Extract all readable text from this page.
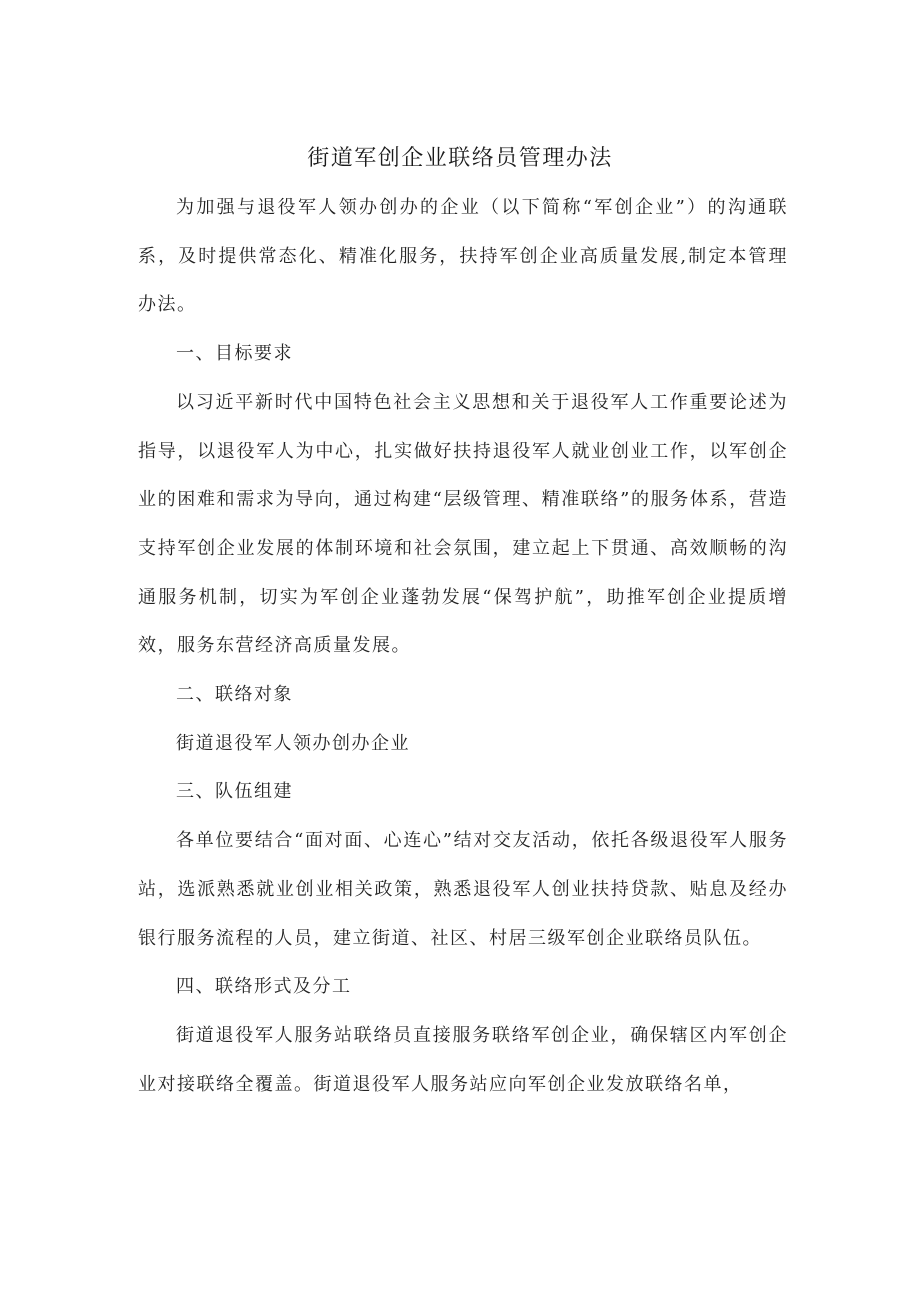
街道军创企业联络员管理办法

为加强与退役军人领办创办的企业（以下简称“军创企业”）的沟通联系，及时提供常态化、精准化服务，扶持军创企业高质量发展,制定本管理办法。

一、目标要求

以习近平新时代中国特色社会主义思想和关于退役军人工作重要论述为指导，以退役军人为中心，扎实做好扶持退役军人就业创业工作，以军创企业的困难和需求为导向，通过构建“层级管理、精准联络”的服务体系，营造支持军创企业发展的体制环境和社会氛围，建立起上下贯通、高效顺畅的沟通服务机制，切实为军创企业蓬勃发展“保驾护航”，助推军创企业提质增效，服务东营经济高质量发展。

二、联络对象

街道退役军人领办创办企业

三、队伍组建

各单位要结合“面对面、心连心”结对交友活动，依托各级退役军人服务站，选派熟悉就业创业相关政策，熟悉退役军人创业扶持贷款、贴息及经办银行服务流程的人员，建立街道、社区、村居三级军创企业联络员队伍。

四、联络形式及分工

街道退役军人服务站联络员直接服务联络军创企业，确保辖区内军创企业对接联络全覆盖。街道退役军人服务站应向军创企业发放联络名单，
